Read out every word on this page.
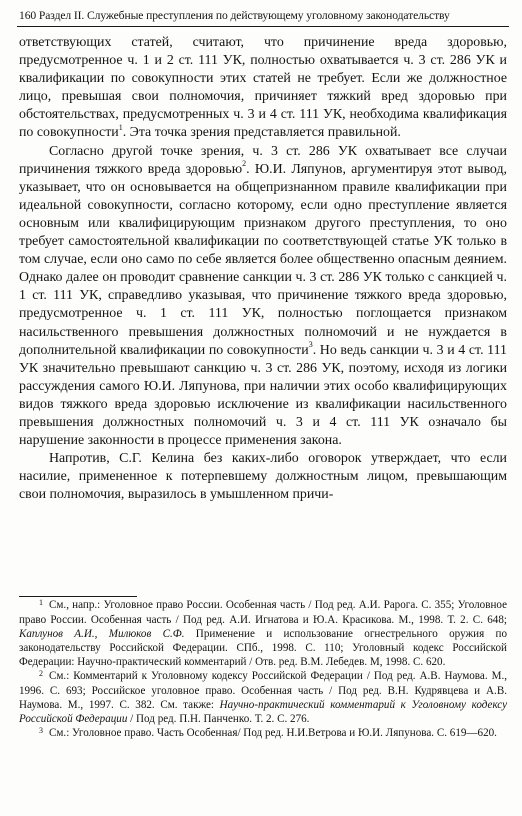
160 Раздел II. Служебные преступления по действующему уголовному законодательству

ответствующих статей, считают, что причинение вреда здоровью, предусмотренное ч. 1 и 2 ст. 111 УК, полностью охватывается ч. 3 ст. 286 УК и квалификации по совокупности этих статей не требует. Если же должностное лицо, превышая свои полномочия, причиняет тяжкий вред здоровью при обстоятельствах, предусмотренных ч. 3 и 4 ст. 111 УК, необходима квалификация по совокупности$^1$. Эта точка зрения представляется правильной.

Согласно другой точке зрения, ч. 3 ст. 286 УК охватывает все случаи причинения тяжкого вреда здоровью$^2$. Ю.И. Ляпунов, аргументируя этот вывод, указывает, что он основывается на общепризнанном правиле квалификации при идеальной совокупности, согласно которому, если одно преступление является основным или квалифицирующим признаком другого преступления, то оно требует самостоятельной квалификации по соответствующей статье УК только в том случае, если оно само по себе является более общественно опасным деянием. Однако далее он проводит сравнение санкции ч. 3 ст. 286 УК только с санкцией ч. 1 ст. 111 УК, справедливо указывая, что причинение тяжкого вреда здоровью, предусмотренное ч. 1 ст. 111 УК, полностью поглощается признаком насильственного превышения должностных полномочий и не нуждается в дополнительной квалификации по совокупности$^3$. Но ведь санкции ч. 3 и 4 ст. 111 УК значительно превышают санкцию ч. 3 ст. 286 УК, поэтому, исходя из логики рассуждения самого Ю.И. Ляпунова, при наличии этих особо квалифицирующих видов тяжкого вреда здоровью исключение из квалификации насильственного превышения должностных полномочий ч. 3 и 4 ст. 111 УК означало бы нарушение законности в процессе применения закона.

Напротив, С.Г. Келина без каких-либо оговорок утверждает, что если насилие, примененное к потерпевшему должностным лицом, превышающим свои полномочия, выразилось в умышленном причи-

$^1$ См., напр.: Уголовное право России. Особенная часть / Под ред. А.И. Рарога. С. 355; Уголовное право России. Особенная часть / Под ред. А.И. Игнатова и Ю.А. Красикова. М., 1998. Т. 2. С. 648; Каплунов А.И., Милюков С.Ф. Применение и использование огнестрельного оружия по законодательству Российской Федерации. СПб., 1998. С. 110; Уголовный кодекс Российской Федерации: Научно-практический комментарий / Отв. ред. В.М. Лебедев. М, 1998. С. 620.

$^2$ См.: Комментарий к Уголовному кодексу Российской Федерации / Под ред. А.В. Наумова. М., 1996. С. 693; Российское уголовное право. Особенная часть / Под ред. В.Н. Кудрявцева и А.В. Наумова. М., 1997. С. 382. См. также: Научно-практический комментарий к Уголовному кодексу Российской Федерации / Под ред. П.Н. Панченко. Т. 2. С. 276.

$^3$ См.: Уголовное право. Часть Особенная/ Под ред. Н.И.Ветрова и Ю.И. Ляпунова. С. 619—620.
